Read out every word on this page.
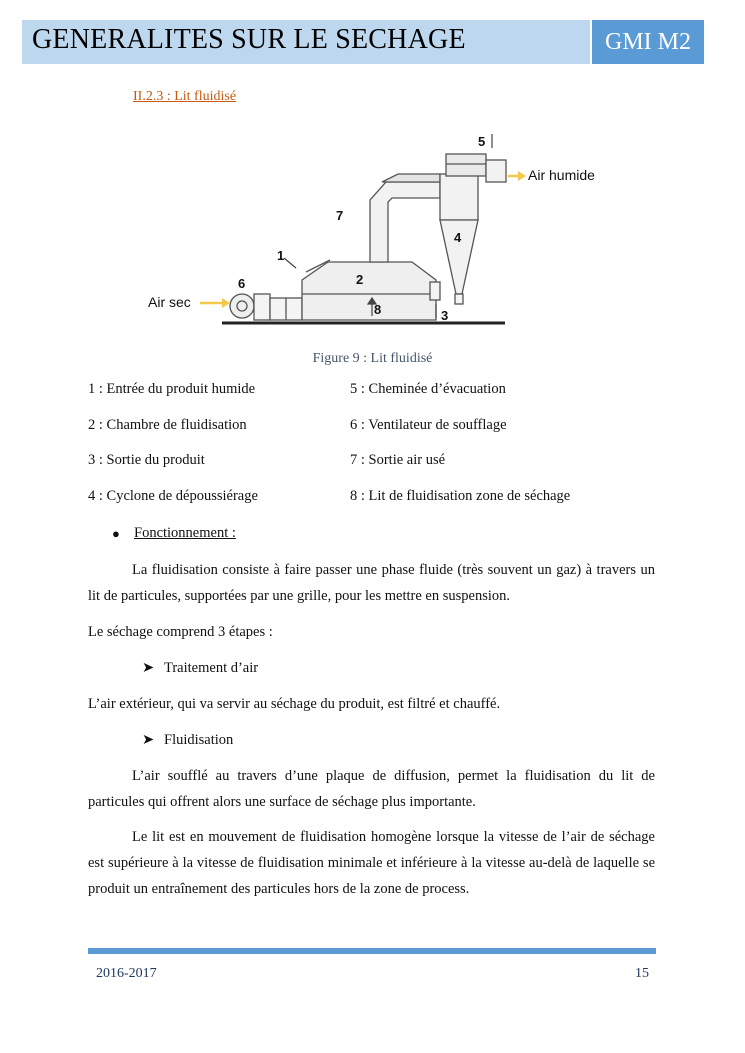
GENERALITES SUR LE SECHAGE	GMI M2
II.2.3 : Lit fluidisé
1
2
3
4
5
6
7
8
Air sec
Air humide
Figure 9 : Lit fluidisé
1 : Entrée du produit humide	5 : Cheminée d’évacuation
2 : Chambre de fluidisation	6 : Ventilateur de soufflage
3 : Sortie du produit	7 : Sortie air usé
4 : Cyclone de dépoussiérage	8 : Lit de fluidisation zone de séchage
● Fonctionnement :
La fluidisation consiste à faire passer une phase fluide (très souvent un gaz) à travers un lit de particules, supportées par une grille, pour les mettre en suspension.
Le séchage comprend 3 étapes :
➤ Traitement d’air
L’air extérieur, qui va servir au séchage du produit, est filtré et chauffé.
➤ Fluidisation
L’air soufflé au travers d’une plaque de diffusion, permet la fluidisation du lit de particules qui offrent alors une surface de séchage plus importante.
Le lit est en mouvement de fluidisation homogène lorsque la vitesse de l’air de séchage est supérieure à la vitesse de fluidisation minimale et inférieure à la vitesse au-delà de laquelle se produit un entraînement des particules hors de la zone de process.
2016-2017	15
